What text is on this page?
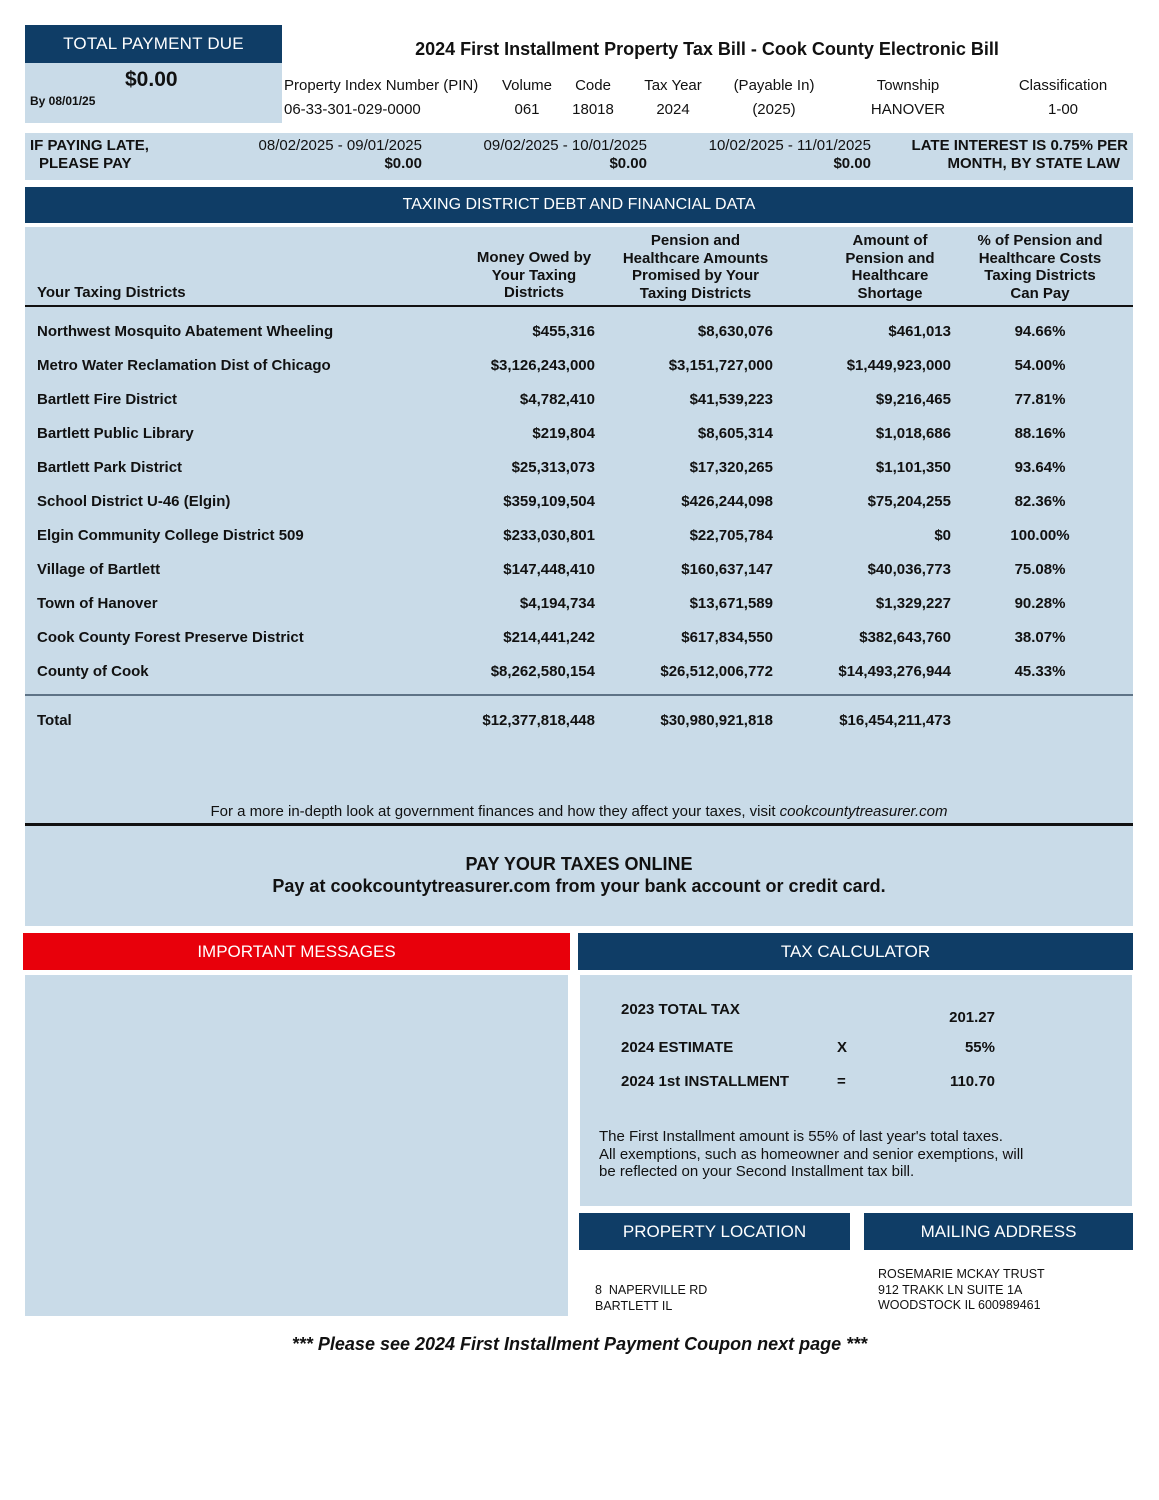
TOTAL PAYMENT DUE
$0.00
By 08/01/25
2024 First Installment Property Tax Bill - Cook County Electronic Bill
Property Index Number (PIN)
06-33-301-029-0000
Volume
061
Code
18018
Tax Year
2024
(Payable In)
(2025)
Township
HANOVER
Classification
1-00
IF PAYING LATE,
PLEASE PAY
08/02/2025 - 09/01/2025
$0.00
09/02/2025 - 10/01/2025
$0.00
10/02/2025 - 11/01/2025
$0.00
LATE INTEREST IS 0.75% PER
MONTH, BY STATE LAW
TAXING DISTRICT DEBT AND FINANCIAL DATA
Your Taxing Districts
Money Owed by
Your Taxing
Districts
Pension and
Healthcare Amounts
Promised by Your
Taxing Districts
Amount of
Pension and
Healthcare
Shortage
% of Pension and
Healthcare Costs
Taxing Districts
Can Pay
Northwest Mosquito Abatement Wheeling	$455,316	$8,630,076	$461,013	94.66%
Metro Water Reclamation Dist of Chicago	$3,126,243,000	$3,151,727,000	$1,449,923,000	54.00%
Bartlett Fire District	$4,782,410	$41,539,223	$9,216,465	77.81%
Bartlett Public Library	$219,804	$8,605,314	$1,018,686	88.16%
Bartlett Park District	$25,313,073	$17,320,265	$1,101,350	93.64%
School District U-46 (Elgin)	$359,109,504	$426,244,098	$75,204,255	82.36%
Elgin Community College District 509	$233,030,801	$22,705,784	$0	100.00%
Village of Bartlett	$147,448,410	$160,637,147	$40,036,773	75.08%
Town of Hanover	$4,194,734	$13,671,589	$1,329,227	90.28%
Cook County Forest Preserve District	$214,441,242	$617,834,550	$382,643,760	38.07%
County of Cook	$8,262,580,154	$26,512,006,772	$14,493,276,944	45.33%
Total	$12,377,818,448	$30,980,921,818	$16,454,211,473
For a more in-depth look at government finances and how they affect your taxes, visit cookcountytreasurer.com
PAY YOUR TAXES ONLINE
Pay at cookcountytreasurer.com from your bank account or credit card.
IMPORTANT MESSAGES	TAX CALCULATOR
2023 TOTAL TAX	201.27
2024 ESTIMATE	X	55%
2024 1st INSTALLMENT	=	110.70
The First Installment amount is 55% of last year's total taxes.
All exemptions, such as homeowner and senior exemptions, will
be reflected on your Second Installment tax bill.
PROPERTY LOCATION	MAILING ADDRESS
8  NAPERVILLE RD
BARTLETT IL
ROSEMARIE MCKAY TRUST
912 TRAKK LN SUITE 1A
WOODSTOCK IL 600989461
*** Please see 2024 First Installment Payment Coupon next page ***
